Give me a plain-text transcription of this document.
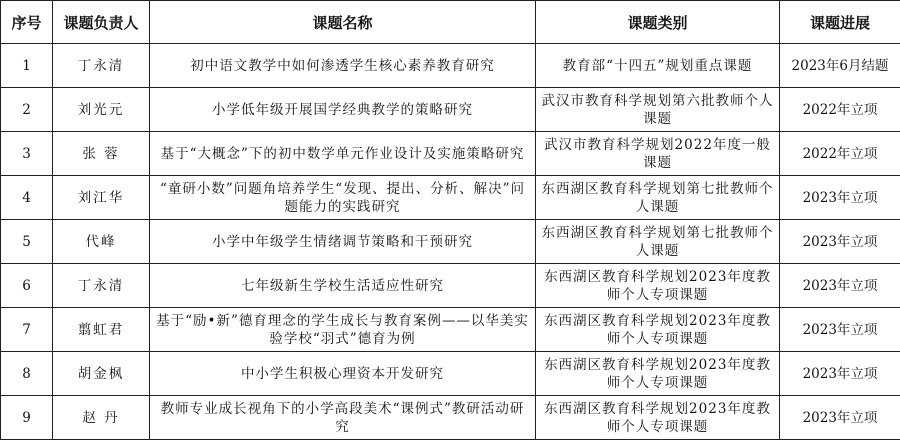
序号	课题负责人	课题名称	课题类别	课题进展
1	丁永清	初中语文教学中如何渗透学生核心素养教育研究	教育部“十四五”规划重点课题	2023年6月结题
2	刘光元	小学低年级开展国学经典教学的策略研究	武汉市教育科学规划第六批教师个人课题	2022年立项
3	张 蓉	基于“大概念”下的初中数学单元作业设计及实施策略研究	武汉市教育科学规划2022年度一般课题	2022年立项
4	刘江华	“童研小数”问题角培养学生“发现、提出、分析、解决”问题能力的实践研究	东西湖区教育科学规划第七批教师个人课题	2023年立项
5	代峰	小学中年级学生情绪调节策略和干预研究	东西湖区教育科学规划第七批教师个人课题	2023年立项
6	丁永清	七年级新生学校生活适应性研究	东西湖区教育科学规划2023年度教师个人专项课题	2023年立项
7	翦虹君	基于“励•新”德育理念的学生成长与教育案例——以华美实验学校“羽式”德育为例	东西湖区教育科学规划2023年度教师个人专项课题	2023年立项
8	胡金枫	中小学生积极心理资本开发研究	东西湖区教育科学规划2023年度教师个人专项课题	2023年立项
9	赵 丹	教师专业成长视角下的小学高段美术“课例式”教研活动研究	东西湖区教育科学规划2023年度教师个人专项课题	2023年立项
